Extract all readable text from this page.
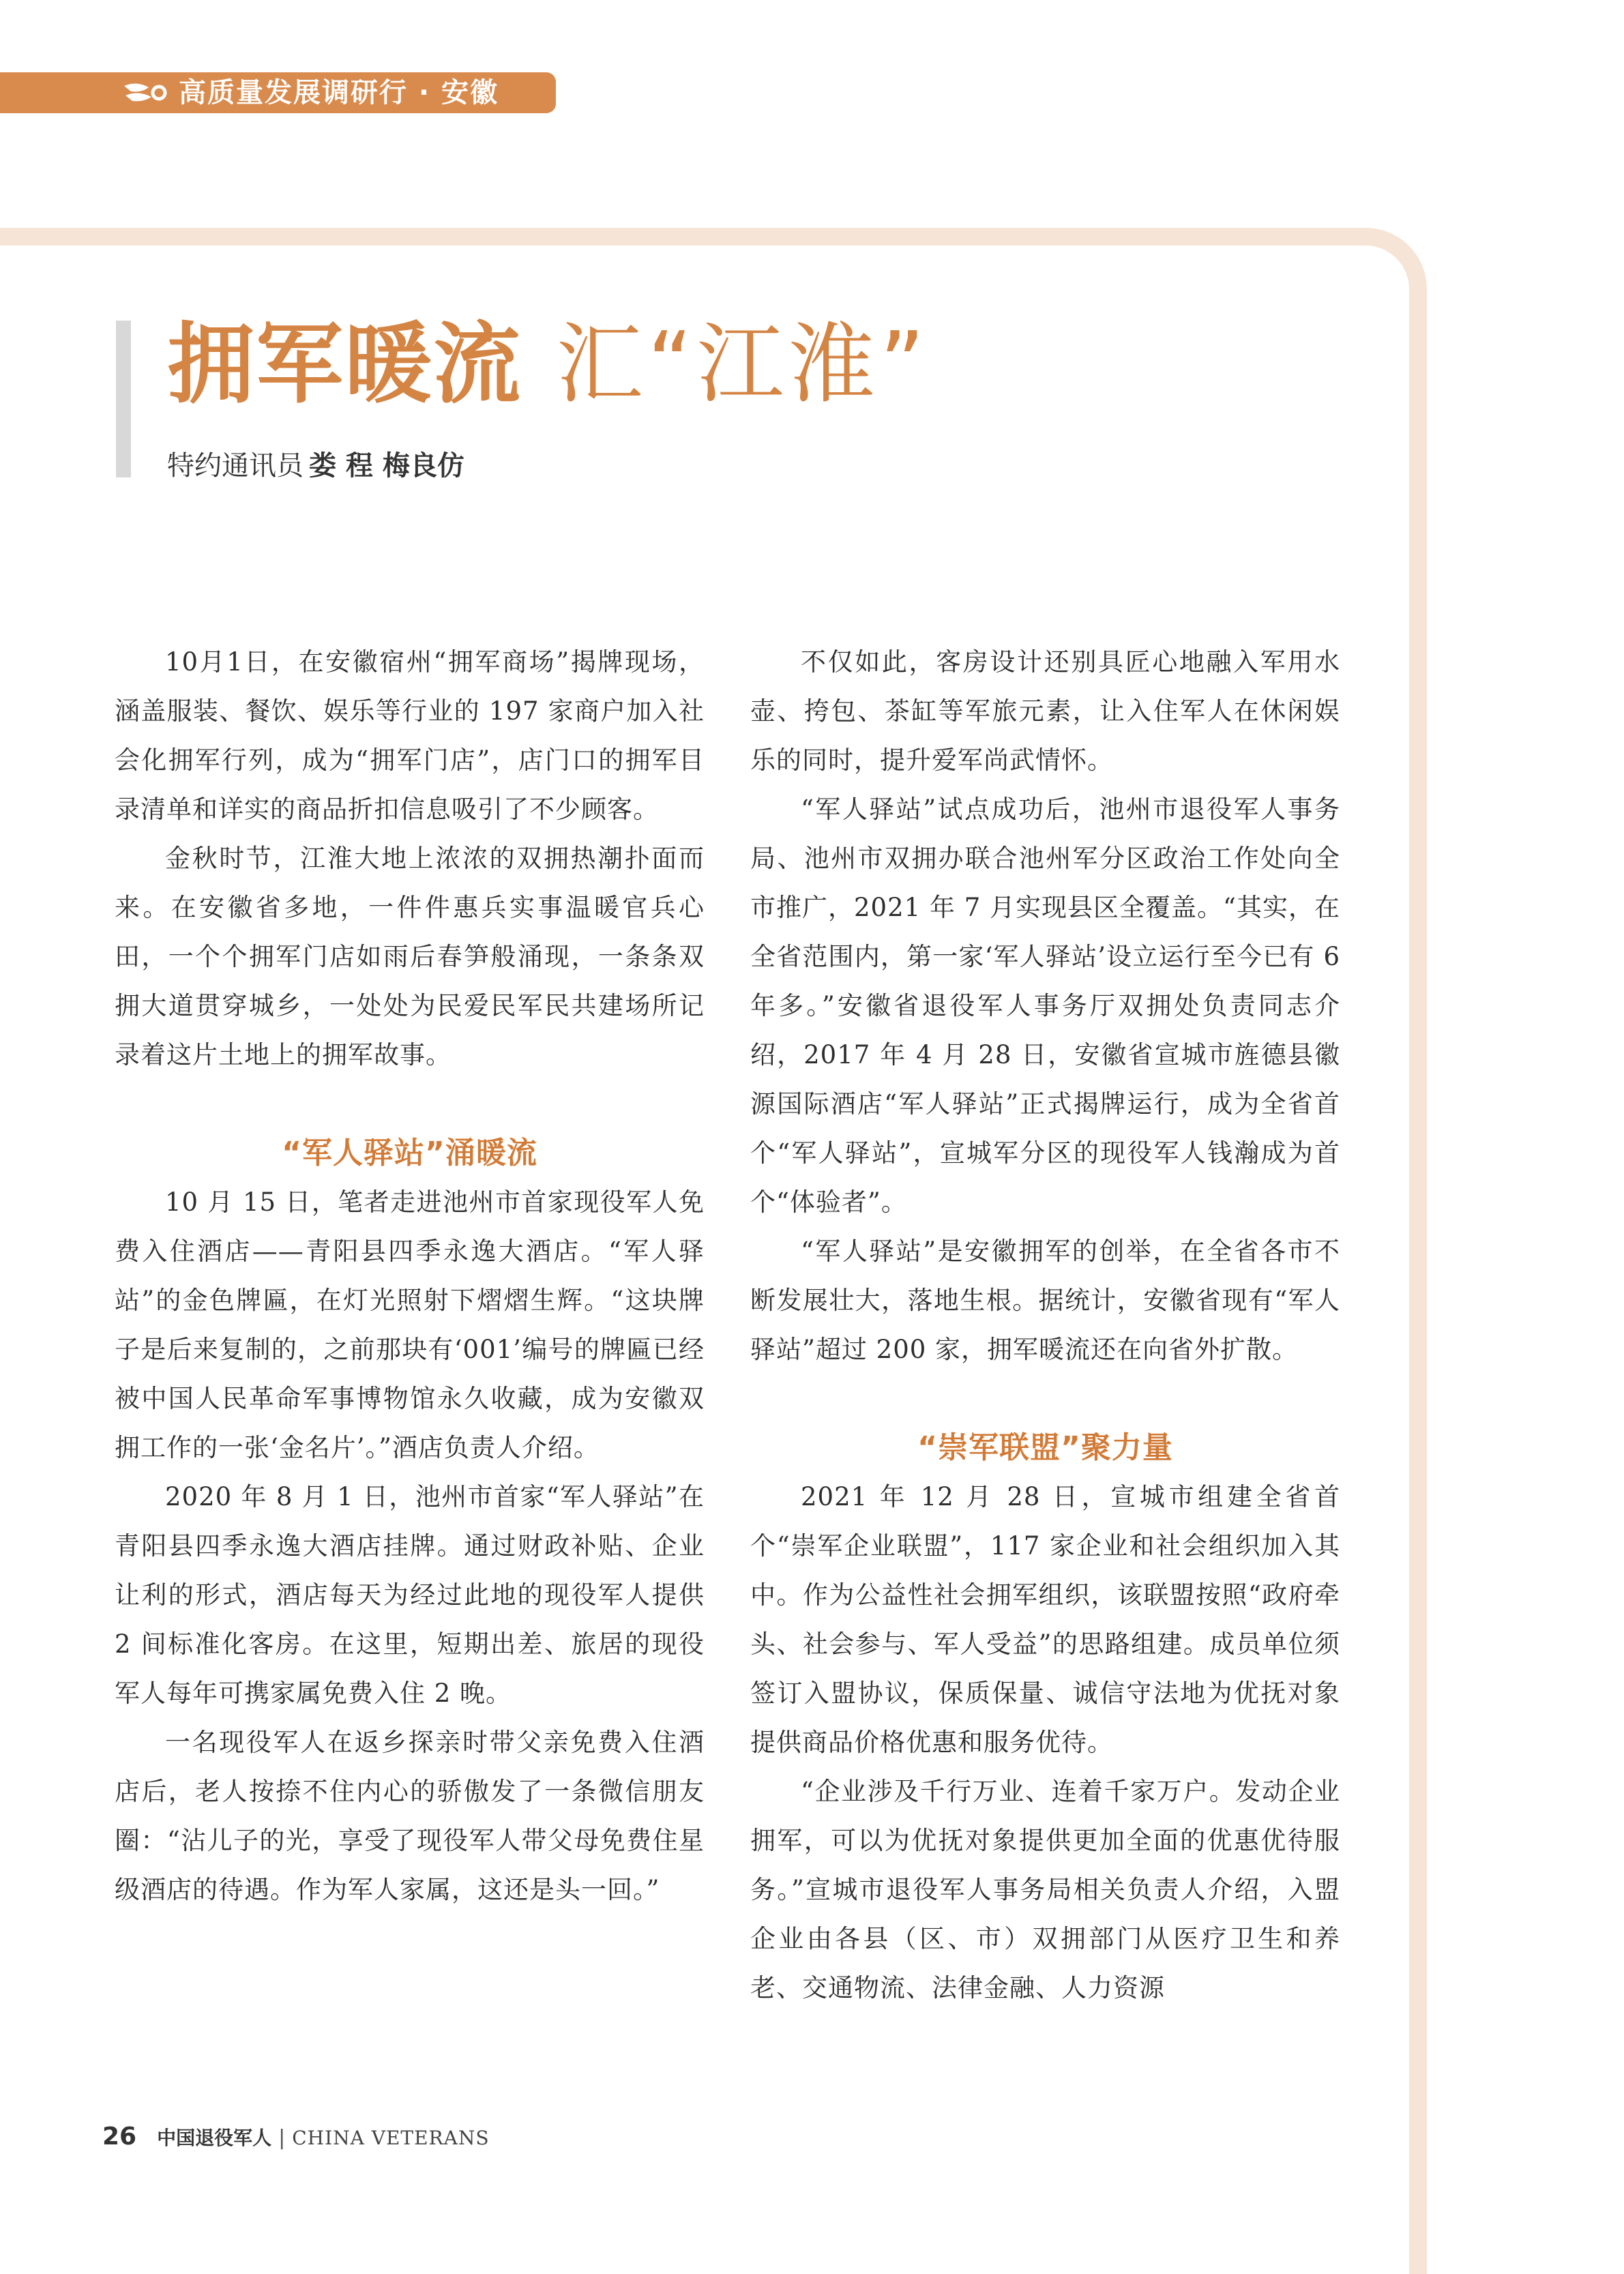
高质量发展调研行 · 安徽
拥军暖流 汇“江淮”
特约通讯员 娄 程 梅良仿

10月1日，在安徽宿州“拥军商场”揭牌现场，涵盖服装、餐饮、娱乐等行业的 197 家商户加入社会化拥军行列，成为“拥军门店”，店门口的拥军目录清单和详实的商品折扣信息吸引了不少顾客。

金秋时节，江淮大地上浓浓的双拥热潮扑面而来。在安徽省多地，一件件惠兵实事温暖官兵心田，一个个拥军门店如雨后春笋般涌现，一条条双拥大道贯穿城乡，一处处为民爱民军民共建场所记录着这片土地上的拥军故事。

“军人驿站”涌暖流

10 月 15 日，笔者走进池州市首家现役军人免费入住酒店——青阳县四季永逸大酒店。“军人驿站”的金色牌匾，在灯光照射下熠熠生辉。“这块牌子是后来复制的，之前那块有‘001’编号的牌匾已经被中国人民革命军事博物馆永久收藏，成为安徽双拥工作的一张‘金名片’。”酒店负责人介绍。

2020 年 8 月 1 日，池州市首家“军人驿站”在青阳县四季永逸大酒店挂牌。通过财政补贴、企业让利的形式，酒店每天为经过此地的现役军人提供 2 间标准化客房。在这里，短期出差、旅居的现役军人每年可携家属免费入住 2 晚。

一名现役军人在返乡探亲时带父亲免费入住酒店后，老人按捺不住内心的骄傲发了一条微信朋友圈：“沾儿子的光，享受了现役军人带父母免费住星级酒店的待遇。作为军人家属，这还是头一回。”

不仅如此，客房设计还别具匠心地融入军用水壶、挎包、茶缸等军旅元素，让入住军人在休闲娱乐的同时，提升爱军尚武情怀。

“军人驿站”试点成功后，池州市退役军人事务局、池州市双拥办联合池州军分区政治工作处向全市推广，2021 年 7 月实现县区全覆盖。“其实，在全省范围内，第一家‘军人驿站’设立运行至今已有 6 年多。”安徽省退役军人事务厅双拥处负责同志介绍，2017 年 4 月 28 日，安徽省宣城市旌德县徽源国际酒店“军人驿站”正式揭牌运行，成为全省首个“军人驿站”，宣城军分区的现役军人钱瀚成为首个“体验者”。

“军人驿站”是安徽拥军的创举，在全省各市不断发展壮大，落地生根。据统计，安徽省现有“军人驿站”超过 200 家，拥军暖流还在向省外扩散。

“崇军联盟”聚力量

2021 年 12 月 28 日，宣城市组建全省首个“崇军企业联盟”，117 家企业和社会组织加入其中。作为公益性社会拥军组织，该联盟按照“政府牵头、社会参与、军人受益”的思路组建。成员单位须签订入盟协议，保质保量、诚信守法地为优抚对象提供商品价格优惠和服务优待。

“企业涉及千行万业、连着千家万户。发动企业拥军，可以为优抚对象提供更加全面的优惠优待服务。”宣城市退役军人事务局相关负责人介绍，入盟企业由各县（区、市）双拥部门从医疗卫生和养老、交通物流、法律金融、人力资源

26 中国退役军人 | CHINA VETERANS
